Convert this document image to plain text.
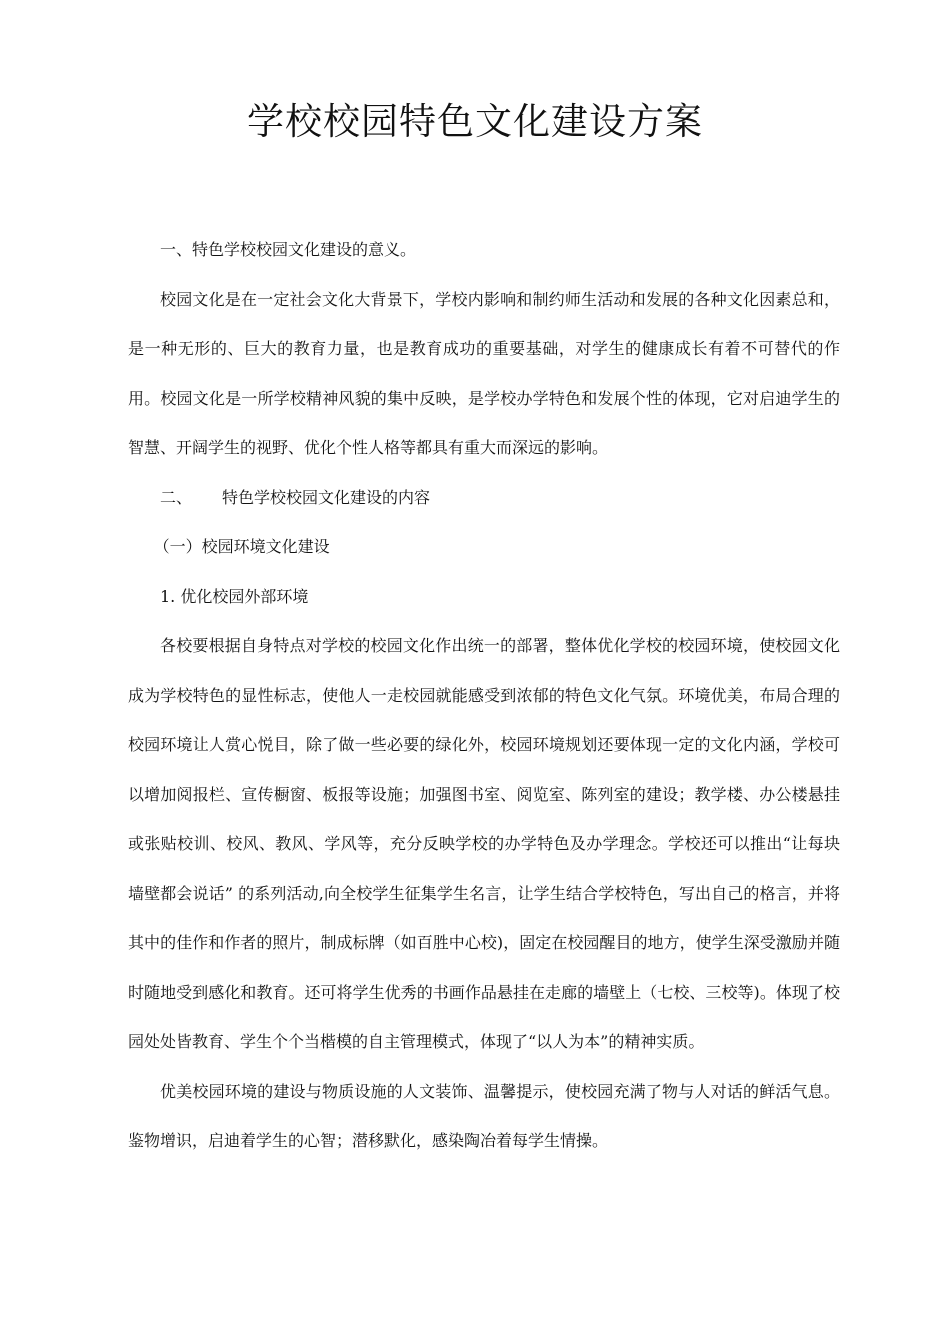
学校校园特色文化建设方案

一、特色学校校园文化建设的意义。

校园文化是在一定社会文化大背景下，学校内影响和制约师生活动和发展的各种文化因素总和，是一种无形的、巨大的教育力量，也是教育成功的重要基础，对学生的健康成长有着不可替代的作用。校园文化是一所学校精神风貌的集中反映，是学校办学特色和发展个性的体现，它对启迪学生的智慧、开阔学生的视野、优化个性人格等都具有重大而深远的影响。

二、 特色学校校园文化建设的内容

（一）校园环境文化建设

1. 优化校园外部环境

各校要根据自身特点对学校的校园文化作出统一的部署，整体优化学校的校园环境，使校园文化成为学校特色的显性标志，使他人一走校园就能感受到浓郁的特色文化气氛。环境优美，布局合理的校园环境让人赏心悦目，除了做一些必要的绿化外，校园环境规划还要体现一定的文化内涵，学校可以增加阅报栏、宣传橱窗、板报等设施；加强图书室、阅览室、陈列室的建设；教学楼、办公楼悬挂或张贴校训、校风、教风、学风等，充分反映学校的办学特色及办学理念。学校还可以推出“让每块墙壁都会说话” 的系列活动,向全校学生征集学生名言，让学生结合学校特色，写出自己的格言，并将其中的佳作和作者的照片，制成标牌（如百胜中心校)，固定在校园醒目的地方，使学生深受激励并随时随地受到感化和教育。还可将学生优秀的书画作品悬挂在走廊的墙壁上（七校、三校等)。体现了校园处处皆教育、学生个个当楷模的自主管理模式，体现了“以人为本”的精神实质。

优美校园环境的建设与物质设施的人文装饰、温馨提示，使校园充满了物与人对话的鲜活气息。鉴物增识，启迪着学生的心智；潜移默化，感染陶冶着每学生情操。
